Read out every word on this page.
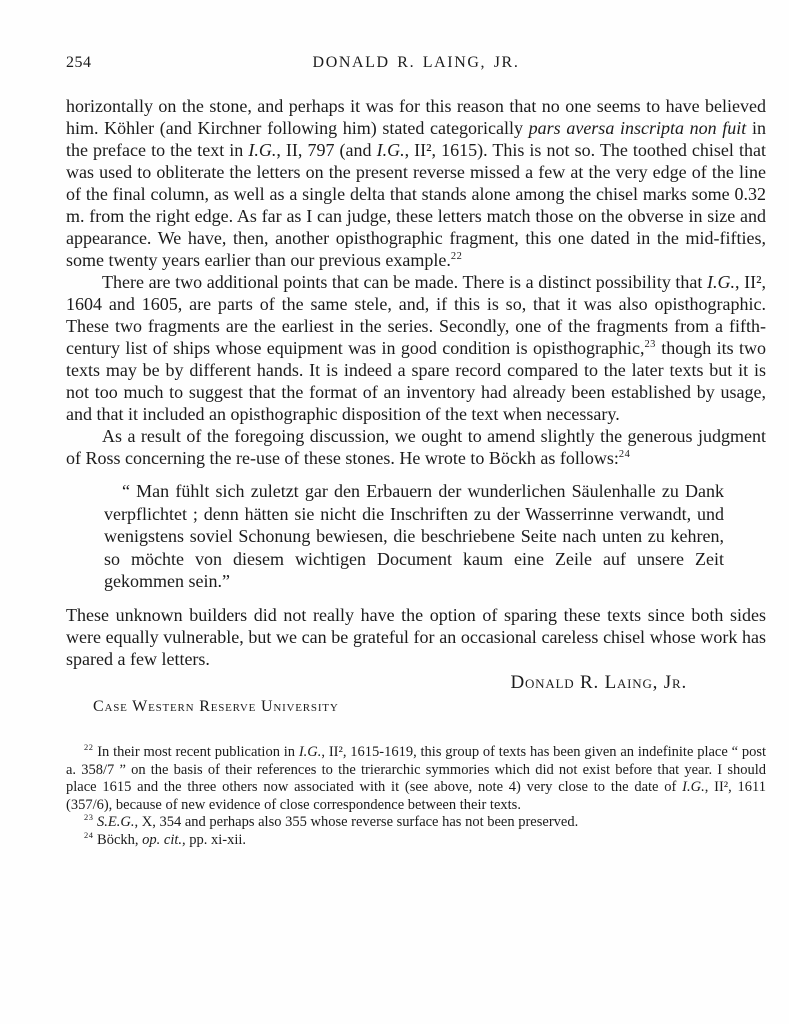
254	DONALD R. LAING, JR.

horizontally on the stone, and perhaps it was for this reason that no one seems to have believed him. Köhler (and Kirchner following him) stated categorically pars aversa inscripta non fuit in the preface to the text in I.G., II, 797 (and I.G., II², 1615). This is not so. The toothed chisel that was used to obliterate the letters on the present reverse missed a few at the very edge of the line of the final column, as well as a single delta that stands alone among the chisel marks some 0.32 m. from the right edge. As far as I can judge, these letters match those on the obverse in size and appearance. We have, then, another opisthographic fragment, this one dated in the mid-fifties, some twenty years earlier than our previous example.$^{22}$

There are two additional points that can be made. There is a distinct possibility that I.G., II², 1604 and 1605, are parts of the same stele, and, if this is so, that it was also opisthographic. These two fragments are the earliest in the series. Secondly, one of the fragments from a fifth-century list of ships whose equipment was in good condition is opisthographic,$^{23}$ though its two texts may be by different hands. It is indeed a spare record compared to the later texts but it is not too much to suggest that the format of an inventory had already been established by usage, and that it included an opisthographic disposition of the text when necessary.

As a result of the foregoing discussion, we ought to amend slightly the generous judgment of Ross concerning the re-use of these stones. He wrote to Böckh as follows:$^{24}$

“ Man fühlt sich zuletzt gar den Erbauern der wunderlichen Säulenhalle zu Dank verpflichtet ; denn hätten sie nicht die Inschriften zu der Wasserrinne verwandt, und wenigstens soviel Schonung bewiesen, die beschriebene Seite nach unten zu kehren, so möchte von diesem wichtigen Document kaum eine Zeile auf unsere Zeit gekommen sein.”

These unknown builders did not really have the option of sparing these texts since both sides were equally vulnerable, but we can be grateful for an occasional careless chisel whose work has spared a few letters.

Donald R. Laing, Jr.

Case Western Reserve University

$^{22}$ In their most recent publication in I.G., II², 1615-1619, this group of texts has been given an indefinite place “ post a. 358/7 ” on the basis of their references to the trierarchic symmories which did not exist before that year. I should place 1615 and the three others now associated with it (see above, note 4) very close to the date of I.G., II², 1611 (357/6), because of new evidence of close correspondence between their texts.

$^{23}$ S.E.G., X, 354 and perhaps also 355 whose reverse surface has not been preserved.

$^{24}$ Böckh, op. cit., pp. xi-xii.
